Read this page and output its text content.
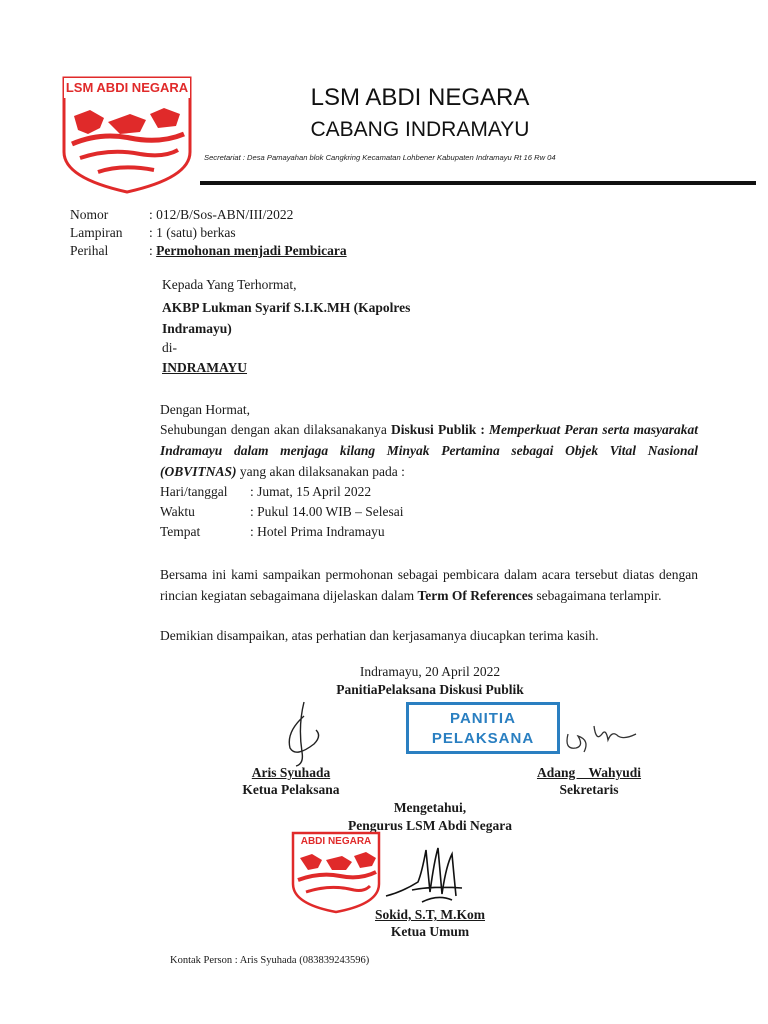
LSM ABDI NEGARA	LSM ABDI NEGARA
CABANG INDRAMAYU
Secretariat : Desa Pamayahan blok Cangkring Kecamatan Lohbener Kabupaten Indramayu Rt 16 Rw 04
Nomor	: 012/B/Sos-ABN/III/2022
Lampiran : 1 (satu) berkas
Perihal	: Permohonan menjadi Pembicara
Kepada Yang Terhormat,
AKBP Lukman Syarif S.I.K.MH (Kapolres Indramayu)
di-
INDRAMAYU
Dengan Hormat,
Sehubungan dengan akan dilaksanakanya Diskusi Publik : Memperkuat Peran serta masyarakat Indramayu dalam menjaga kilang Minyak Pertamina sebagai Objek Vital Nasional (OBVITNAS) yang akan dilaksanakan pada :
Hari/tanggal : Jumat, 15 April 2022
Waktu	: Pukul 14.00 WIB – Selesai
Tempat	: Hotel Prima Indramayu
Bersama ini kami sampaikan permohonan sebagai pembicara dalam acara tersebut diatas dengan rincian kegiatan sebagaimana dijelaskan dalam Term Of References sebagaimana terlampir.
Demikian disampaikan, atas perhatian dan kerjasamanya diucapkan terima kasih.
Indramayu, 20 April 2022
PanitiaPelaksana Diskusi Publik
PANITIA
PELAKSANA
Aris Syuhada
Ketua Pelaksana
Adang    Wahyudi
Sekretaris
Mengetahui,
Pengurus LSM Abdi Negara
ABDI NEGARA
Sokid, S.T, M.Kom
Ketua Umum
Kontak Person : Aris Syuhada (083839243596)
